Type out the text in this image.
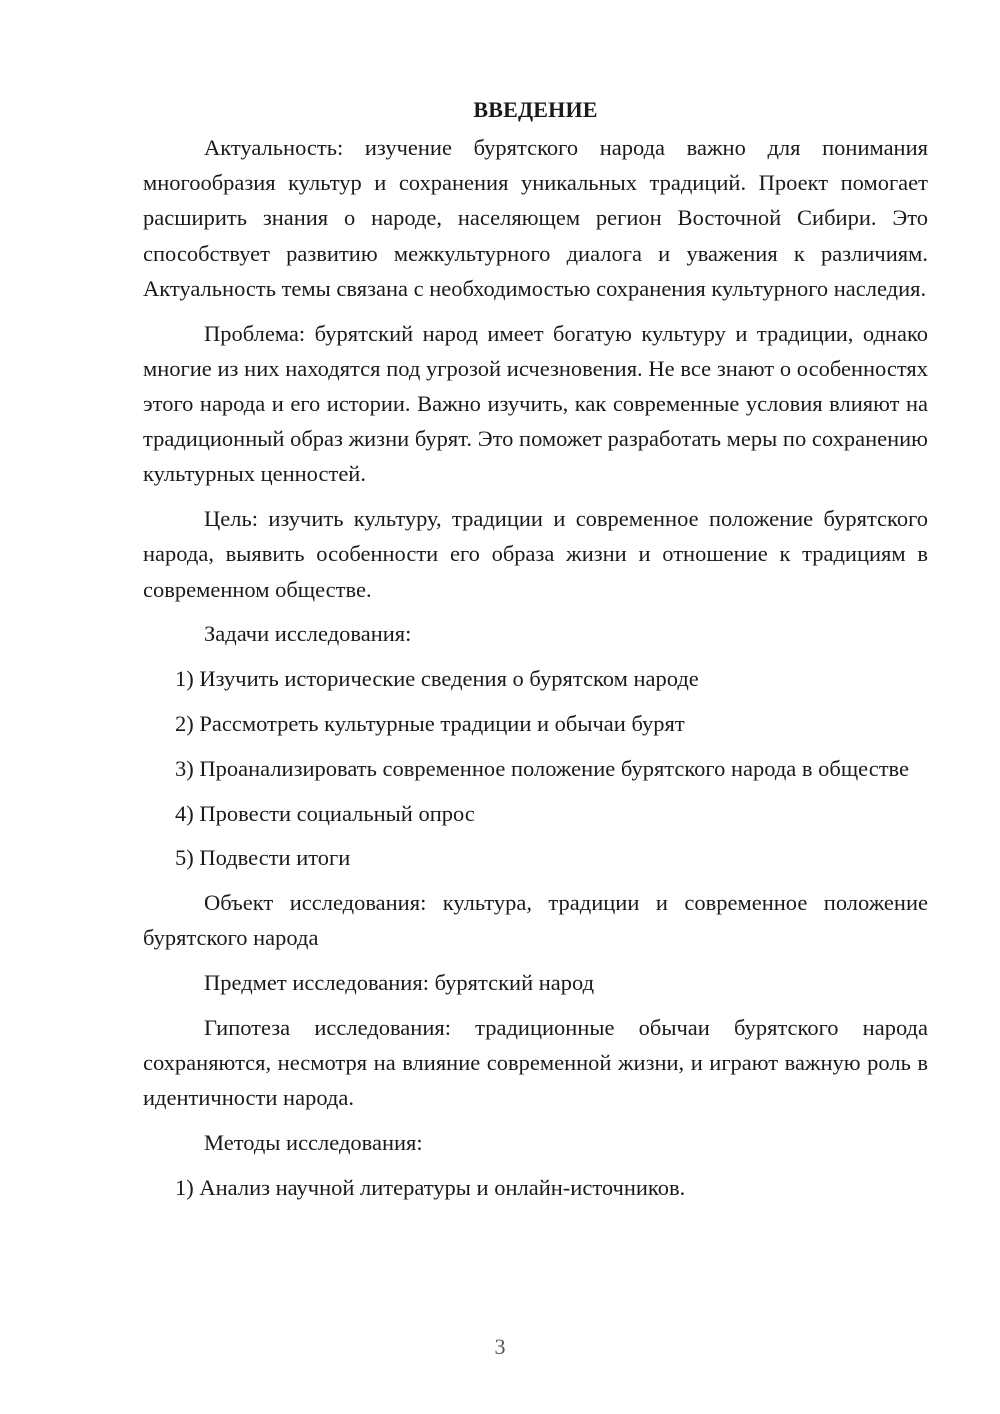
ВВЕДЕНИЕ

Актуальность: изучение бурятского народа важно для понимания многообразия культур и сохранения уникальных традиций. Проект помогает расширить знания о народе, населяющем регион Восточной Сибири. Это способствует развитию межкультурного диалога и уважения к различиям. Актуальность темы связана с необходимостью сохранения культурного наследия.

Проблема: бурятский народ имеет богатую культуру и традиции, однако многие из них находятся под угрозой исчезновения. Не все знают о особенностях этого народа и его истории. Важно изучить, как современные условия влияют на традиционный образ жизни бурят. Это поможет разработать меры по сохранению культурных ценностей.

Цель: изучить культуру, традиции и современное положение бурятского народа, выявить особенности его образа жизни и отношение к традициям в современном обществе.

Задачи исследования:

1) Изучить исторические сведения о бурятском народе

2) Рассмотреть культурные традиции и обычаи бурят

3) Проанализировать современное положение бурятского народа в обществе

4) Провести социальный опрос

5) Подвести итоги

Объект исследования: культура, традиции и современное положение бурятского народа

Предмет исследования: бурятский народ

Гипотеза исследования: традиционные обычаи бурятского народа сохраняются, несмотря на влияние современной жизни, и играют важную роль в идентичности народа.

Методы исследования:

1) Анализ научной литературы и онлайн-источников.

3
